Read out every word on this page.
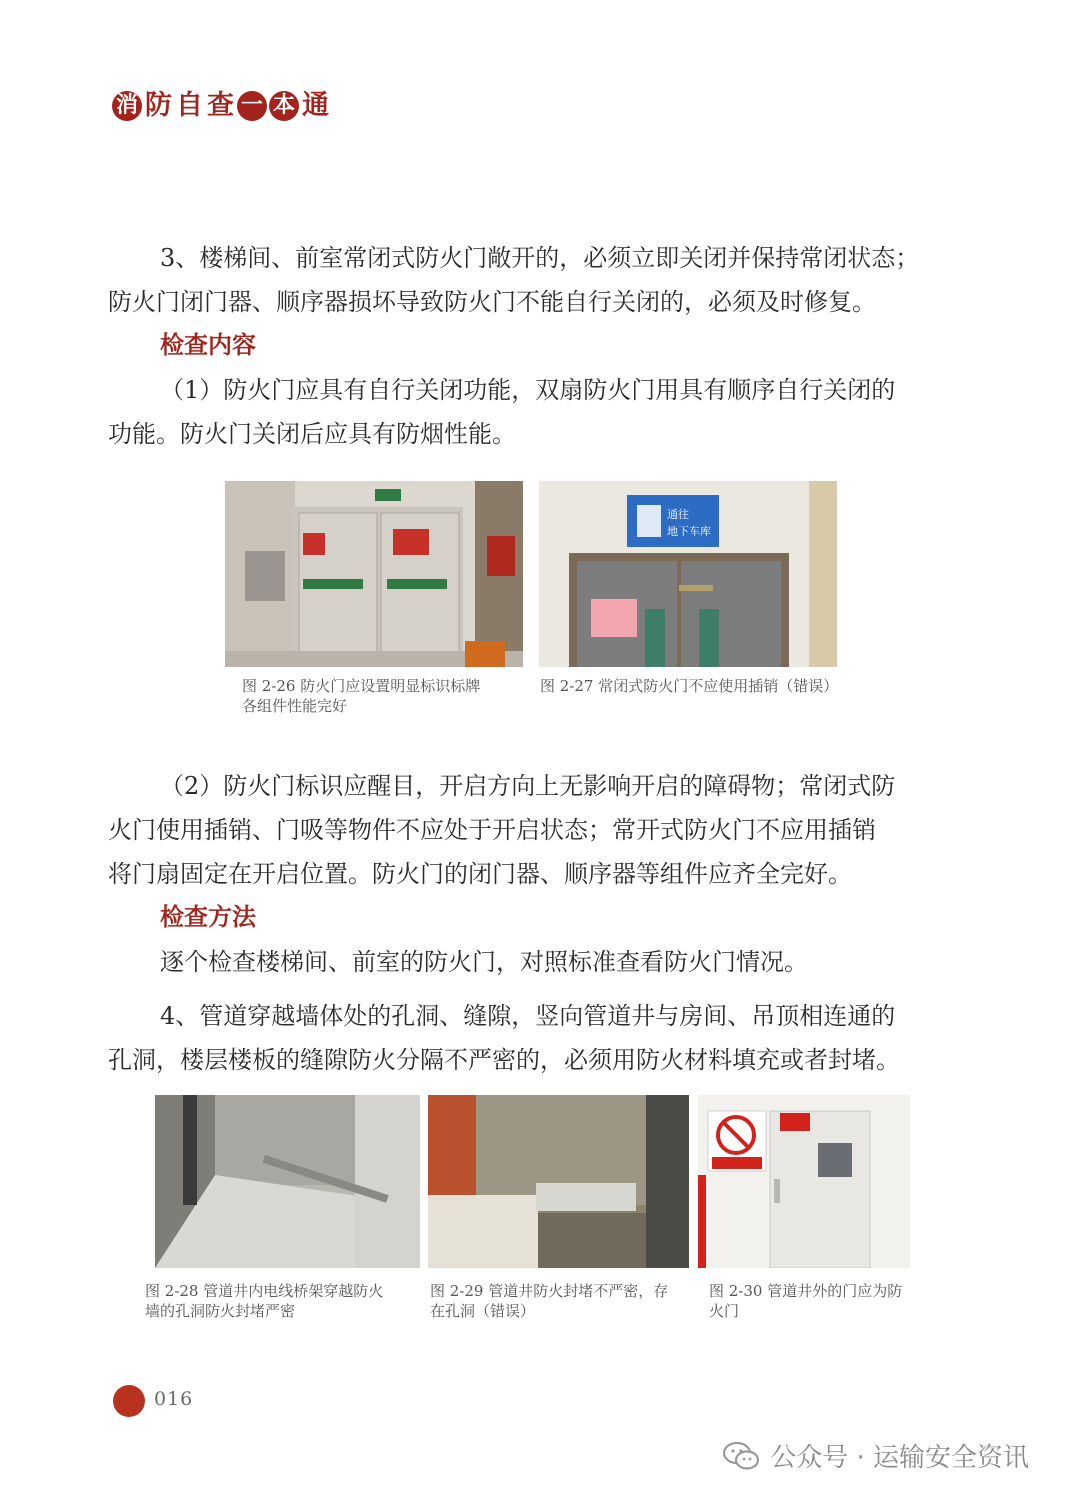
消 防 自 查 一 本 通
3、楼梯间、前室常闭式防火门敞开的，必须立即关闭并保持常闭状态；
防火门闭门器、顺序器损坏导致防火门不能自行关闭的，必须及时修复。
检查内容
（1）防火门应具有自行关闭功能，双扇防火门用具有顺序自行关闭的
功能。防火门关闭后应具有防烟性能。
图 2-26 防火门应设置明显标识标牌
各组件性能完好
通往
地下车库
图 2-27 常闭式防火门不应使用插销（错误）
（2）防火门标识应醒目，开启方向上无影响开启的障碍物；常闭式防
火门使用插销、门吸等物件不应处于开启状态；常开式防火门不应用插销
将门扇固定在开启位置。防火门的闭门器、顺序器等组件应齐全完好。
检查方法
逐个检查楼梯间、前室的防火门，对照标准查看防火门情况。
4、管道穿越墙体处的孔洞、缝隙，竖向管道井与房间、吊顶相连通的
孔洞，楼层楼板的缝隙防火分隔不严密的，必须用防火材料填充或者封堵。
图 2-28 管道井内电线桥架穿越防火
墙的孔洞防火封堵严密
图 2-29 管道井防火封堵不严密，存
在孔洞（错误）
图 2-30 管道井外的门应为防
火门
016
公众号 · 运输安全资讯
